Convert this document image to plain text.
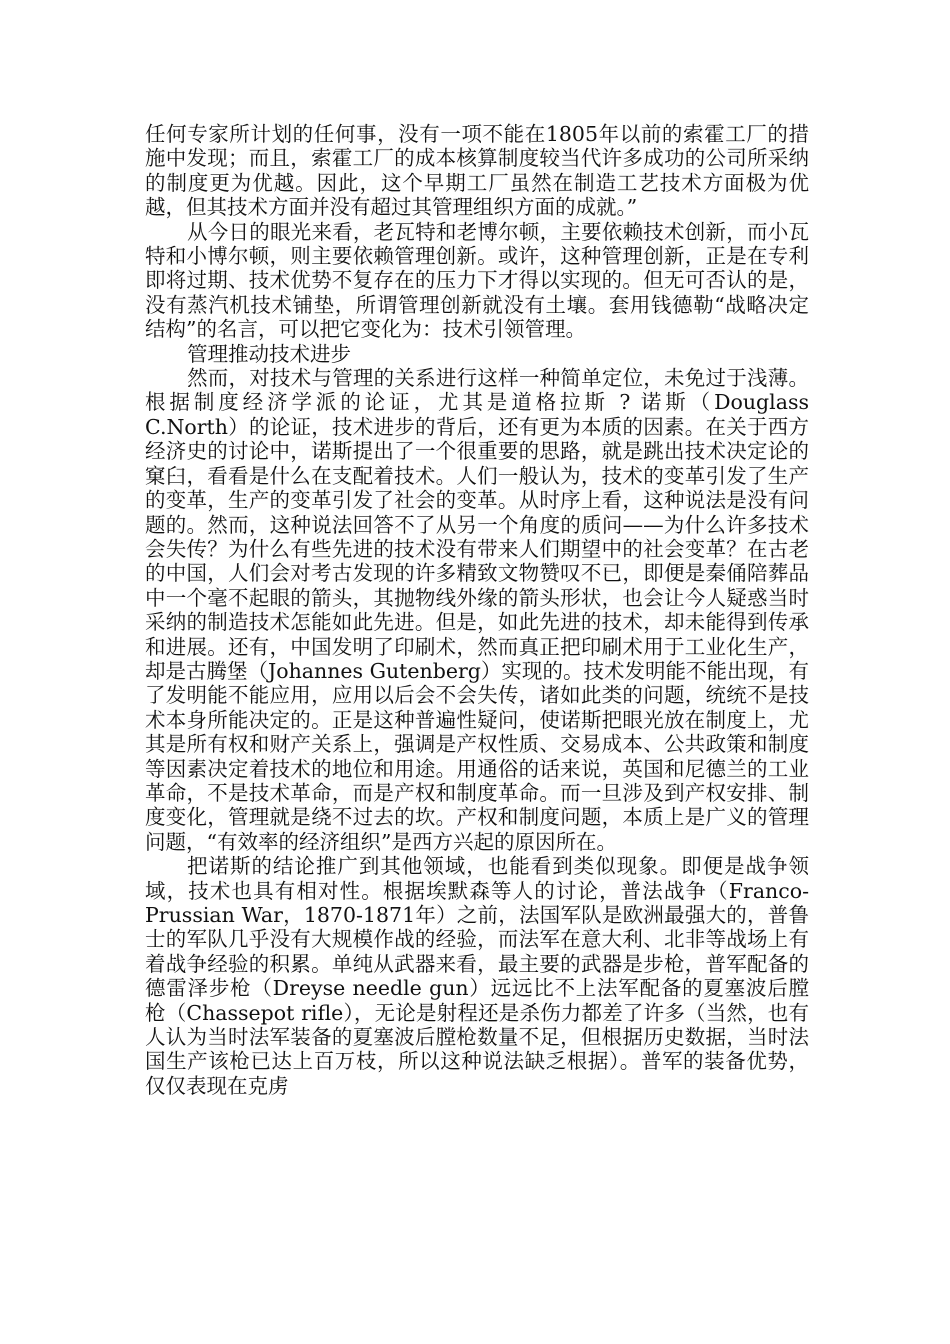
任何专家所计划的任何事，没有一项不能在1805年以前的索霍工厂的措施中发现；而且，索霍工厂的成本核算制度较当代许多成功的公司所采纳的制度更为优越。因此，这个早期工厂虽然在制造工艺技术方面极为优越，但其技术方面并没有超过其管理组织方面的成就。”

从今日的眼光来看，老瓦特和老博尔顿，主要依赖技术创新，而小瓦特和小博尔顿，则主要依赖管理创新。或许，这种管理创新，正是在专利即将过期、技术优势不复存在的压力下才得以实现的。但无可否认的是，没有蒸汽机技术铺垫，所谓管理创新就没有土壤。套用钱德勒“战略决定结构”的名言，可以把它变化为：技术引领管理。

管理推动技术进步

然而，对技术与管理的关系进行这样一种简单定位，未免过于浅薄。根据制度经济学派的论证，尤其是道格拉斯 ? 诺斯（Douglass C.North）的论证，技术进步的背后，还有更为本质的因素。在关于西方经济史的讨论中，诺斯提出了一个很重要的思路，就是跳出技术决定论的窠臼，看看是什么在支配着技术。人们一般认为，技术的变革引发了生产的变革，生产的变革引发了社会的变革。从时序上看，这种说法是没有问题的。然而，这种说法回答不了从另一个角度的质问——为什么许多技术会失传？为什么有些先进的技术没有带来人们期望中的社会变革？在古老的中国，人们会对考古发现的许多精致文物赞叹不已，即便是秦俑陪葬品中一个毫不起眼的箭头，其抛物线外缘的箭头形状，也会让今人疑惑当时采纳的制造技术怎能如此先进。但是，如此先进的技术，却未能得到传承和进展。还有，中国发明了印刷术，然而真正把印刷术用于工业化生产，却是古腾堡（Johannes Gutenberg）实现的。技术发明能不能出现，有了发明能不能应用，应用以后会不会失传，诸如此类的问题，统统不是技术本身所能决定的。正是这种普遍性疑问，使诺斯把眼光放在制度上，尤其是所有权和财产关系上，强调是产权性质、交易成本、公共政策和制度等因素决定着技术的地位和用途。用通俗的话来说，英国和尼德兰的工业革命，不是技术革命，而是产权和制度革命。而一旦涉及到产权安排、制度变化，管理就是绕不过去的坎。产权和制度问题，本质上是广义的管理问题，“有效率的经济组织”是西方兴起的原因所在。

把诺斯的结论推广到其他领域，也能看到类似现象。即便是战争领域，技术也具有相对性。根据埃默森等人的讨论，普法战争（Franco-Prussian War，1870-1871年）之前，法国军队是欧洲最强大的，普鲁士的军队几乎没有大规模作战的经验，而法军在意大利、北非等战场上有着战争经验的积累。单纯从武器来看，最主要的武器是步枪，普军配备的德雷泽步枪（Dreyse needle gun）远远比不上法军配备的夏塞波后膛枪（Chassepot rifle），无论是射程还是杀伤力都差了许多（当然，也有人认为当时法军装备的夏塞波后膛枪数量不足，但根据历史数据，当时法国生产该枪已达上百万枝，所以这种说法缺乏根据）。普军的装备优势，仅仅表现在克虏
